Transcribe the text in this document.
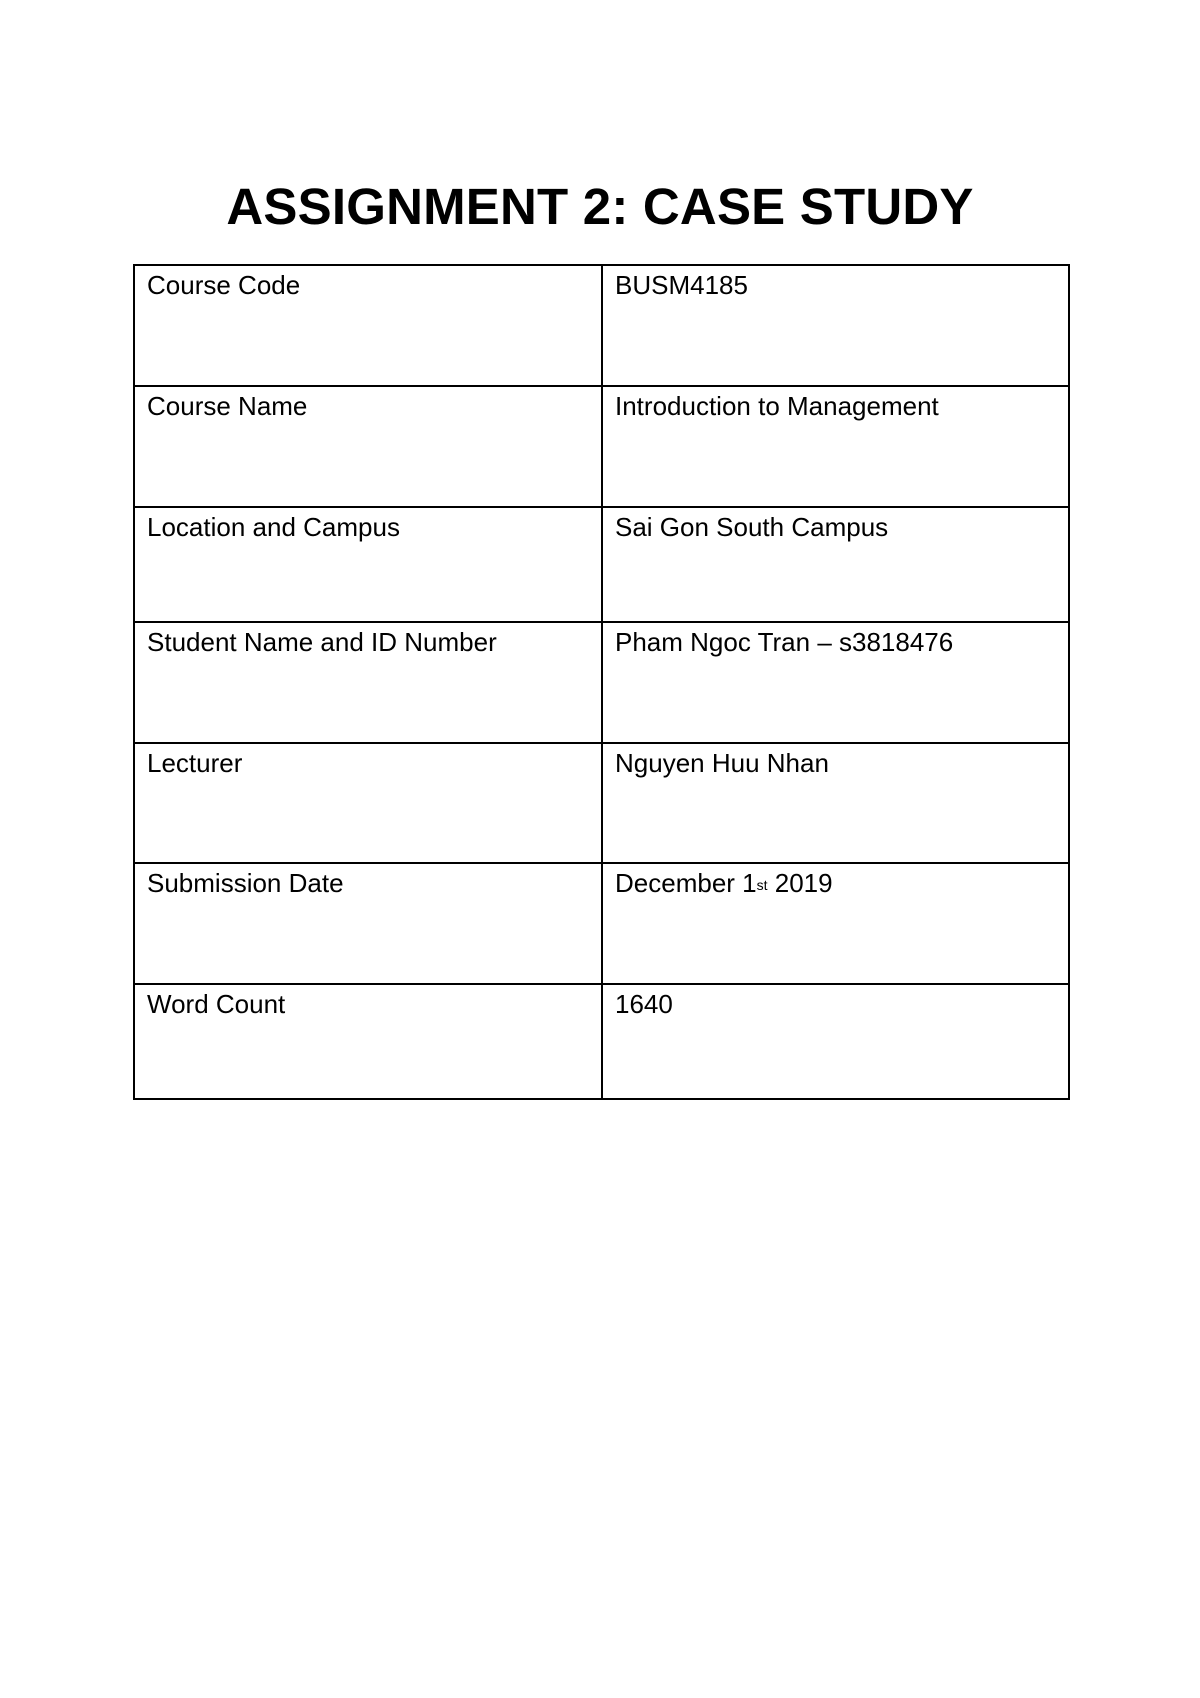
ASSIGNMENT 2: CASE STUDY
Course Code	BUSM4185
Course Name	Introduction to Management
Location and Campus	Sai Gon South Campus
Student Name and ID Number	Pham Ngoc Tran – s3818476
Lecturer	Nguyen Huu Nhan
Submission Date	December 1st 2019
Word Count	1640
